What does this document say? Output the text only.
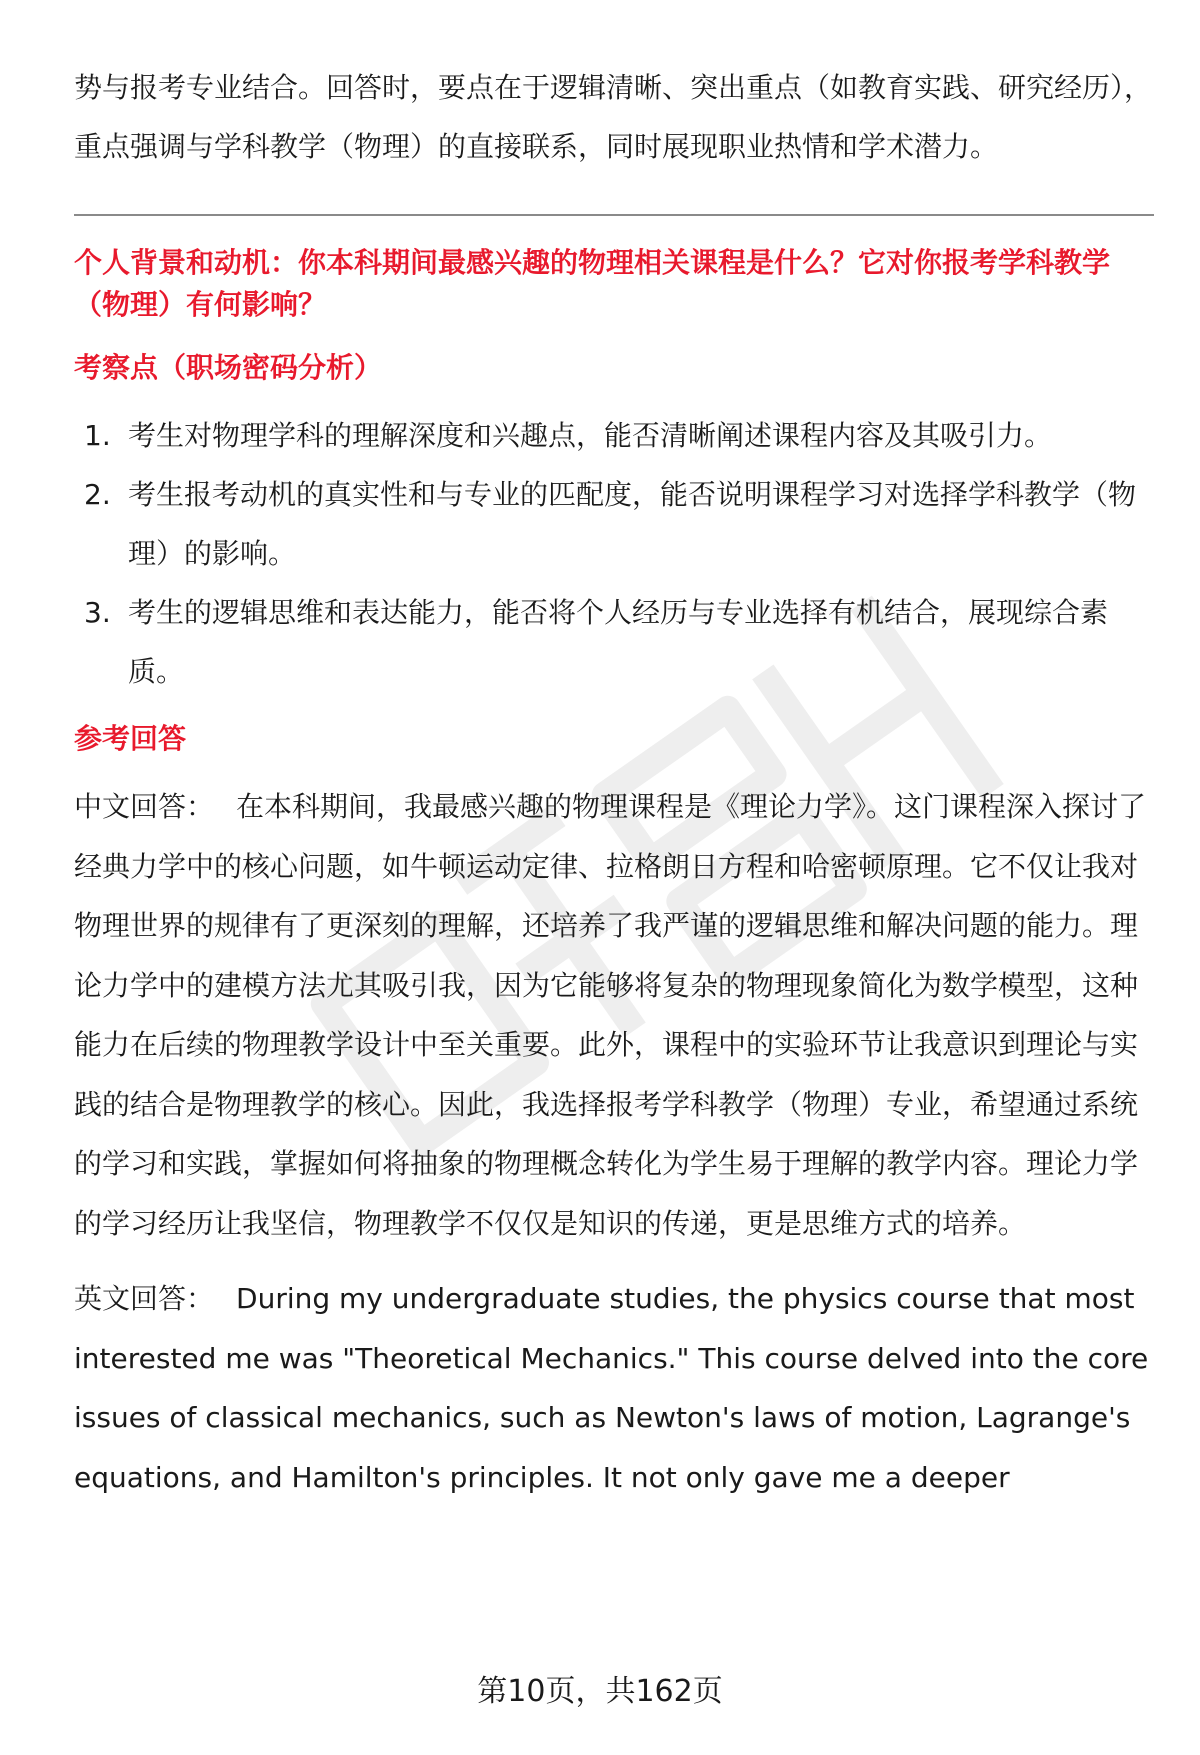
势与报考专业结合。回答时，要点在于逻辑清晰、突出重点（如教育实践、研究经历），重点强调与学科教学（物理）的直接联系，同时展现职业热情和学术潜力。

个人背景和动机：你本科期间最感兴趣的物理相关课程是什么？它对你报考学科教学（物理）有何影响？

考察点（职场密码分析）

1. 考生对物理学科的理解深度和兴趣点，能否清晰阐述课程内容及其吸引力。
2. 考生报考动机的真实性和与专业的匹配度，能否说明课程学习对选择学科教学（物理）的影响。
3. 考生的逻辑思维和表达能力，能否将个人经历与专业选择有机结合，展现综合素质。

参考回答

中文回答： 在本科期间，我最感兴趣的物理课程是《理论力学》。这门课程深入探讨了经典力学中的核心问题，如牛顿运动定律、拉格朗日方程和哈密顿原理。它不仅让我对物理世界的规律有了更深刻的理解，还培养了我严谨的逻辑思维和解决问题的能力。理论力学中的建模方法尤其吸引我，因为它能够将复杂的物理现象简化为数学模型，这种能力在后续的物理教学设计中至关重要。此外，课程中的实验环节让我意识到理论与实践的结合是物理教学的核心。因此，我选择报考学科教学（物理）专业，希望通过系统的学习和实践，掌握如何将抽象的物理概念转化为学生易于理解的教学内容。理论力学的学习经历让我坚信，物理教学不仅仅是知识的传递，更是思维方式的培养。

英文回答： During my undergraduate studies, the physics course that most interested me was "Theoretical Mechanics." This course delved into the core issues of classical mechanics, such as Newton's laws of motion, Lagrange's equations, and Hamilton's principles. It not only gave me a deeper

第10页，共162页
